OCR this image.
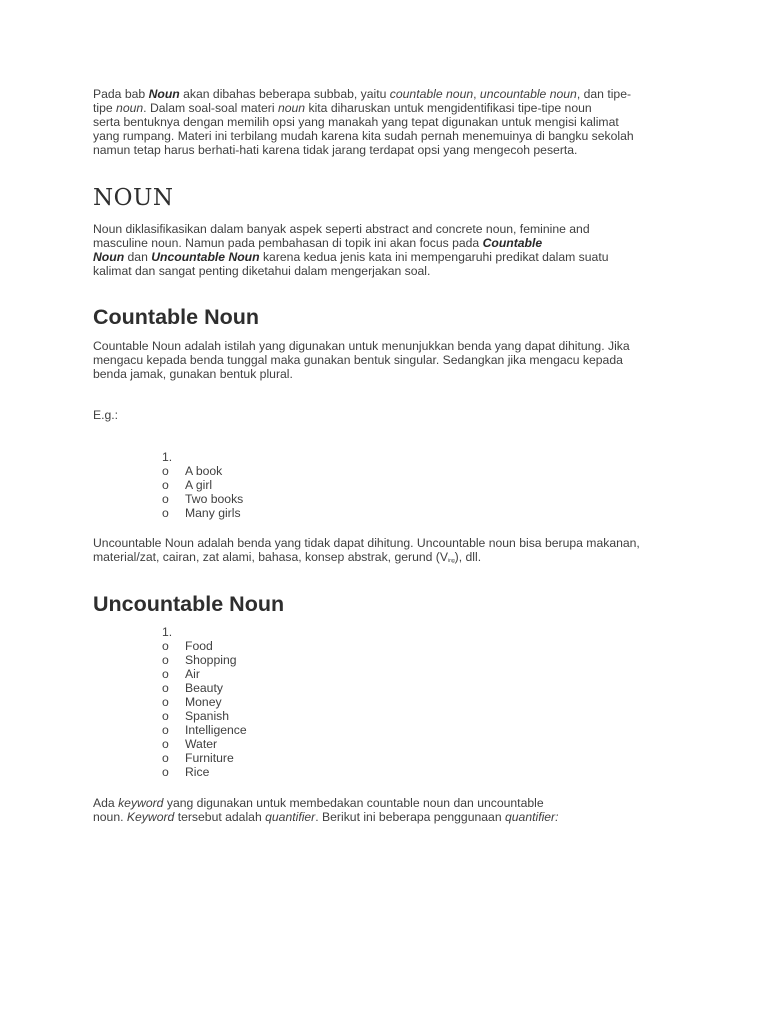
Pada bab Noun akan dibahas beberapa subbab, yaitu countable noun, uncountable noun, dan tipe-
tipe noun. Dalam soal-soal materi noun kita diharuskan untuk mengidentifikasi tipe-tipe noun
serta bentuknya dengan memilih opsi yang manakah yang tepat digunakan untuk mengisi kalimat
yang rumpang. Materi ini terbilang mudah karena kita sudah pernah menemuinya di bangku sekolah
namun tetap harus berhati-hati karena tidak jarang terdapat opsi yang mengecoh peserta.

NOUN

Noun diklasifikasikan dalam banyak aspek seperti abstract and concrete noun, feminine and
masculine noun. Namun pada pembahasan di topik ini akan focus pada Countable
Noun dan Uncountable Noun karena kedua jenis kata ini mempengaruhi predikat dalam suatu
kalimat dan sangat penting diketahui dalam mengerjakan soal.

Countable Noun

Countable Noun adalah istilah yang digunakan untuk menunjukkan benda yang dapat dihitung. Jika
mengacu kepada benda tunggal maka gunakan bentuk singular. Sedangkan jika mengacu kepada
benda jamak, gunakan bentuk plural.

E.g.:

1.
o	A book
o	A girl
o	Two books
o	Many girls

Uncountable Noun adalah benda yang tidak dapat dihitung. Uncountable noun bisa berupa makanan,
material/zat, cairan, zat alami, bahasa, konsep abstrak, gerund $(V_{ing})$, dll.

Uncountable Noun
1.
o	Food
o	Shopping
o	Air
o	Beauty
o	Money
o	Spanish
o	Intelligence
o	Water
o	Furniture
o	Rice

Ada keyword yang digunakan untuk membedakan countable noun dan uncountable
noun. Keyword tersebut adalah quantifier. Berikut ini beberapa penggunaan quantifier:
